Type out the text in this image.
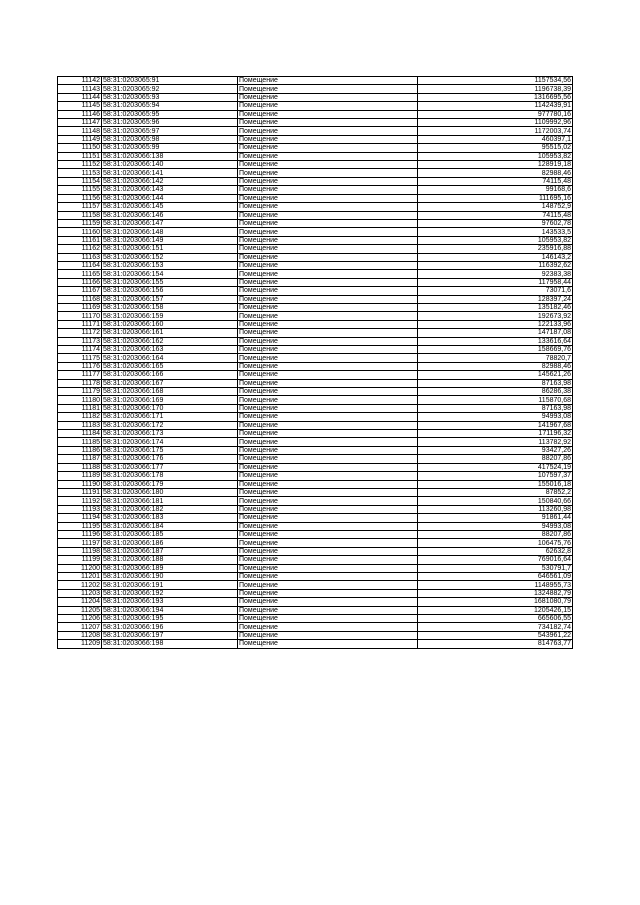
11142	58:31:0203065:91	Помещение	1157534,56
11143	58:31:0203065:92	Помещение	1196738,39
11144	58:31:0203065:93	Помещение	1316695,56
11145	58:31:0203065:94	Помещение	1142439,91
11146	58:31:0203065:95	Помещение	977780,16
11147	58:31:0203065:96	Помещение	1109992,96
11148	58:31:0203065:97	Помещение	1172003,74
11149	58:31:0203065:98	Помещение	460397,1
11150	58:31:0203065:99	Помещение	95515,02
11151	58:31:0203066:138	Помещение	105953,82
11152	58:31:0203066:140	Помещение	128919,18
11153	58:31:0203066:141	Помещение	82988,46
11154	58:31:0203066:142	Помещение	74115,48
11155	58:31:0203066:143	Помещение	99168,6
11156	58:31:0203066:144	Помещение	111695,16
11157	58:31:0203066:145	Помещение	148752,9
11158	58:31:0203066:146	Помещение	74115,48
11159	58:31:0203066:147	Помещение	97602,78
11160	58:31:0203066:148	Помещение	143533,5
11161	58:31:0203066:149	Помещение	105953,82
11162	58:31:0203066:151	Помещение	235916,88
11163	58:31:0203066:152	Помещение	146143,2
11164	58:31:0203066:153	Помещение	116392,62
11165	58:31:0203066:154	Помещение	92383,38
11166	58:31:0203066:155	Помещение	117958,44
11167	58:31:0203066:156	Помещение	73071,6
11168	58:31:0203066:157	Помещение	128397,24
11169	58:31:0203066:158	Помещение	135182,46
11170	58:31:0203066:159	Помещение	192673,92
11171	58:31:0203066:160	Помещение	122133,96
11172	58:31:0203066:161	Помещение	147187,08
11173	58:31:0203066:162	Помещение	133616,64
11174	58:31:0203066:163	Помещение	158669,76
11175	58:31:0203066:164	Помещение	78820,7
11176	58:31:0203066:165	Помещение	82988,46
11177	58:31:0203066:166	Помещение	145621,26
11178	58:31:0203066:167	Помещение	87163,98
11179	58:31:0203066:168	Помещение	86286,38
11180	58:31:0203066:169	Помещение	115870,68
11181	58:31:0203066:170	Помещение	87163,98
11182	58:31:0203066:171	Помещение	94993,08
11183	58:31:0203066:172	Помещение	141967,68
11184	58:31:0203066:173	Помещение	171196,32
11185	58:31:0203066:174	Помещение	113782,92
11186	58:31:0203066:175	Помещение	93427,26
11187	58:31:0203066:176	Помещение	88207,86
11188	58:31:0203066:177	Помещение	417524,19
11189	58:31:0203066:178	Помещение	107597,37
11190	58:31:0203066:179	Помещение	155016,18
11191	58:31:0203066:180	Помещение	87852,2
11192	58:31:0203066:181	Помещение	150840,66
11193	58:31:0203066:182	Помещение	113260,98
11194	58:31:0203066:183	Помещение	91861,44
11195	58:31:0203066:184	Помещение	94993,08
11196	58:31:0203066:185	Помещение	88207,86
11197	58:31:0203066:186	Помещение	106475,76
11198	58:31:0203066:187	Помещение	62632,8
11199	58:31:0203066:188	Помещение	769016,64
11200	58:31:0203066:189	Помещение	530791,7
11201	58:31:0203066:190	Помещение	646561,09
11202	58:31:0203066:191	Помещение	1148955,73
11203	58:31:0203066:192	Помещение	1324882,79
11204	58:31:0203066:193	Помещение	1681080,79
11205	58:31:0203066:194	Помещение	1205426,15
11206	58:31:0203066:195	Помещение	665606,55
11207	58:31:0203066:196	Помещение	734182,74
11208	58:31:0203066:197	Помещение	543961,22
11209	58:31:0203066:198	Помещение	814763,77
